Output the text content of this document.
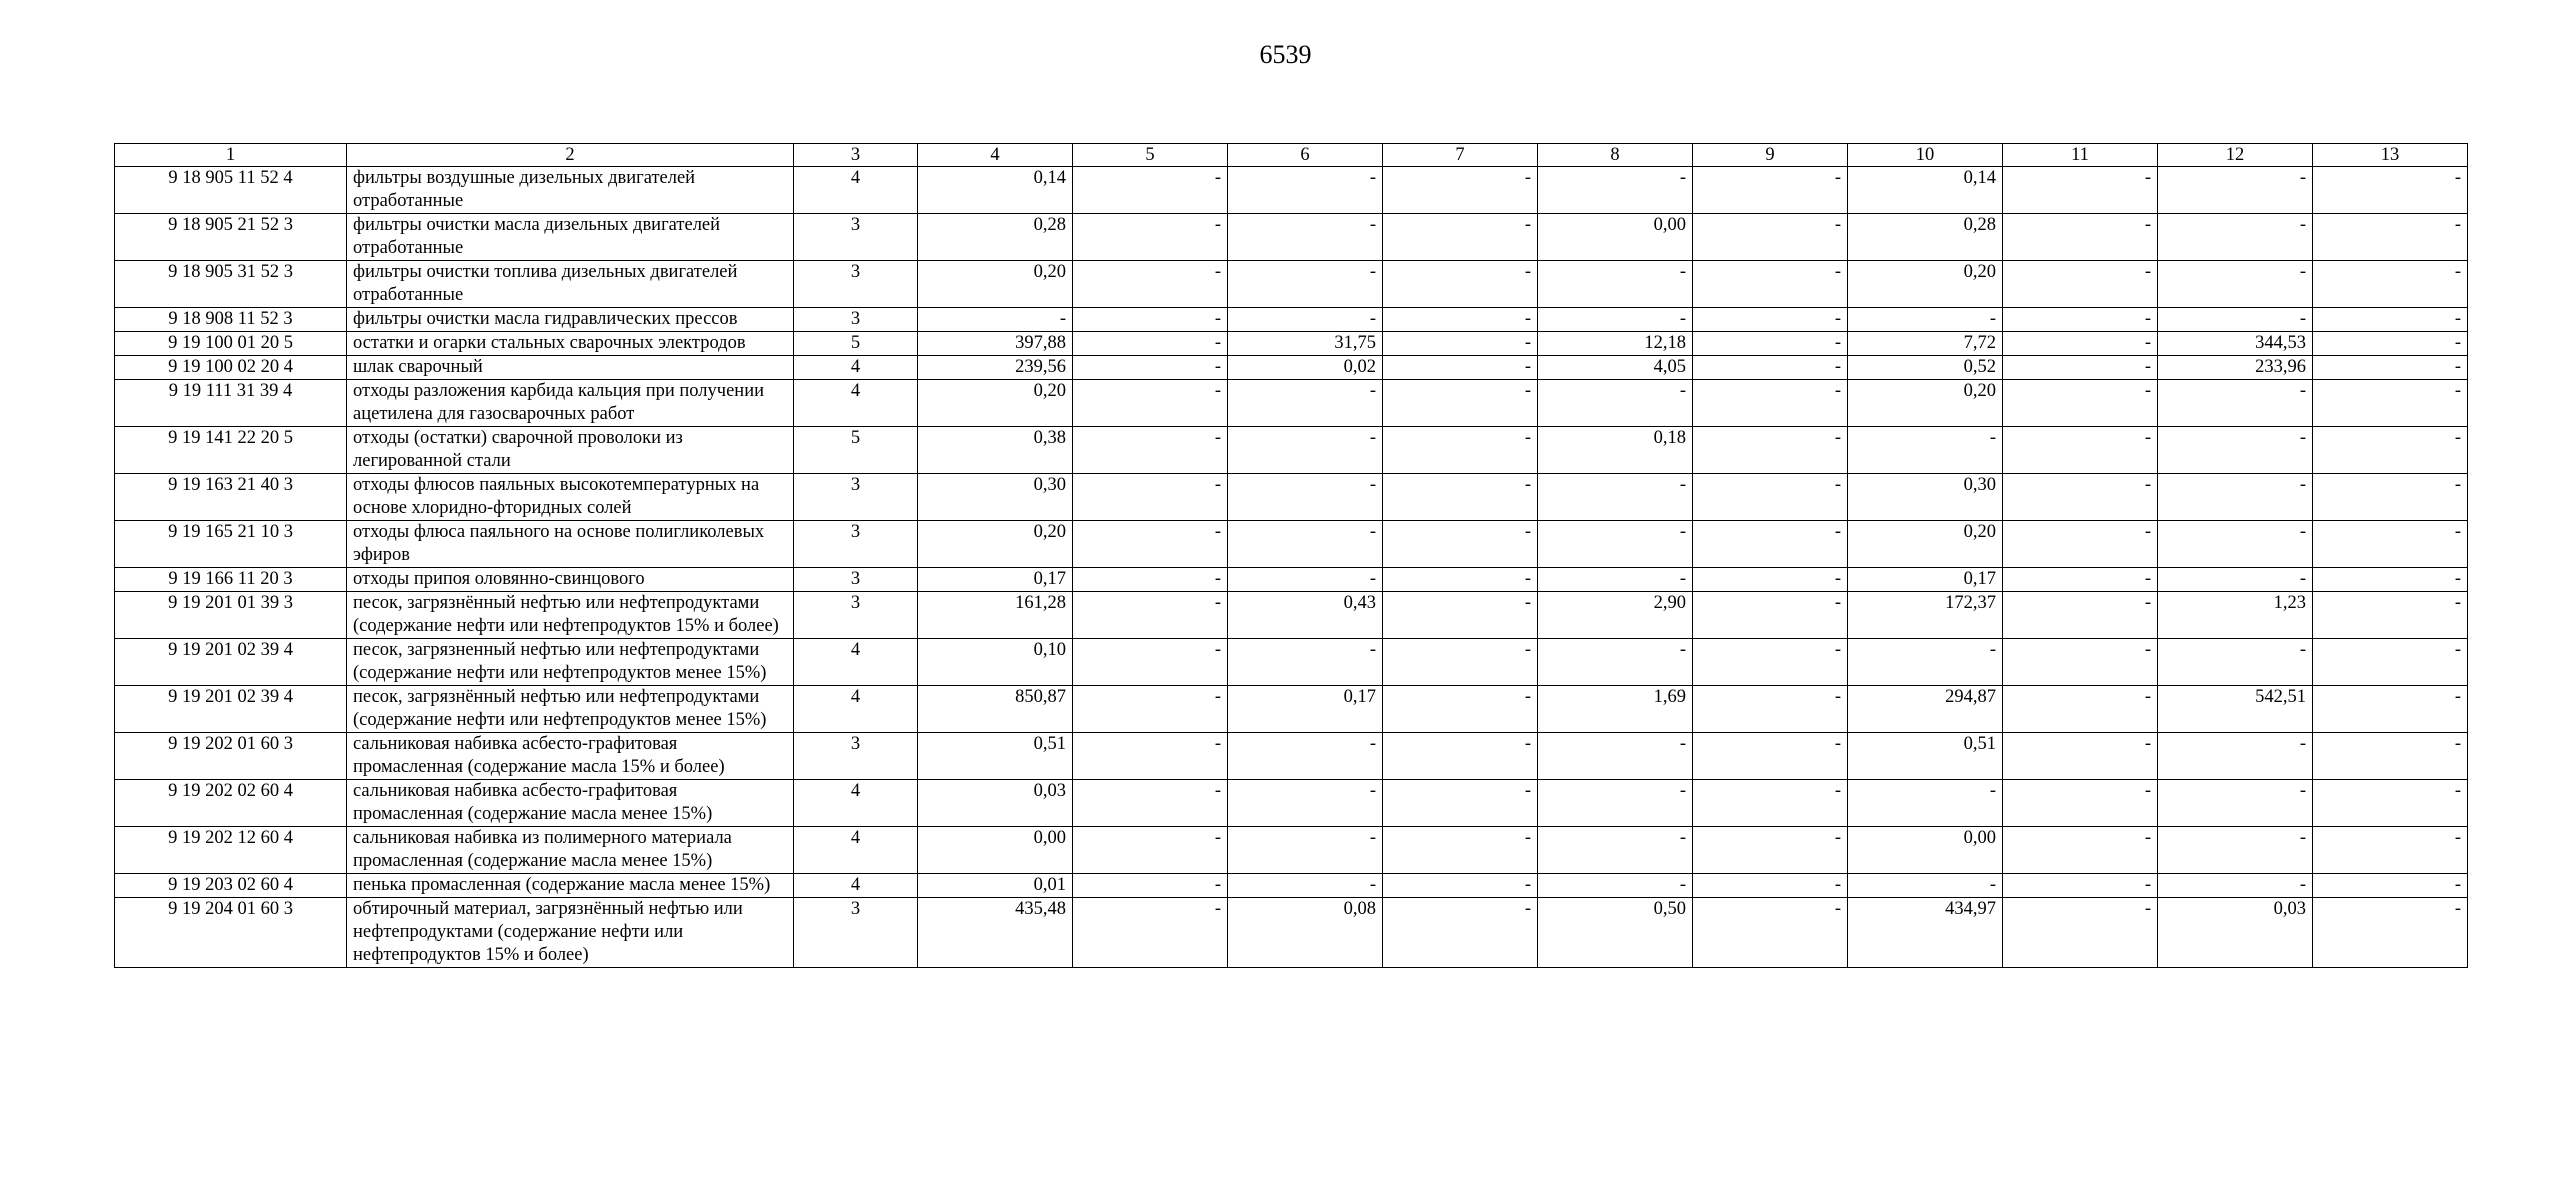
6539
1	2	3	4	5	6	7	8	9	10	11	12	13
9 18 905 11 52 4	фильтры воздушные дизельных двигателей отработанные	4	0,14	-	-	-	-	-	0,14	-	-	-
9 18 905 21 52 3	фильтры очистки масла дизельных двигателей отработанные	3	0,28	-	-	-	0,00	-	0,28	-	-	-
9 18 905 31 52 3	фильтры очистки топлива дизельных двигателей отработанные	3	0,20	-	-	-	-	-	0,20	-	-	-
9 18 908 11 52 3	фильтры очистки масла гидравлических прессов	3	-	-	-	-	-	-	-	-	-	-
9 19 100 01 20 5	остатки и огарки стальных сварочных электродов	5	397,88	-	31,75	-	12,18	-	7,72	-	344,53	-
9 19 100 02 20 4	шлак сварочный	4	239,56	-	0,02	-	4,05	-	0,52	-	233,96	-
9 19 111 31 39 4	отходы разложения карбида кальция при получении ацетилена для газосварочных работ	4	0,20	-	-	-	-	-	0,20	-	-	-
9 19 141 22 20 5	отходы (остатки) сварочной проволоки из легированной стали	5	0,38	-	-	-	0,18	-	-	-	-	-
9 19 163 21 40 3	отходы флюсов паяльных высокотемпературных на основе хлоридно-фторидных солей	3	0,30	-	-	-	-	-	0,30	-	-	-
9 19 165 21 10 3	отходы флюса паяльного на основе полигликолевых эфиров	3	0,20	-	-	-	-	-	0,20	-	-	-
9 19 166 11 20 3	отходы припоя оловянно-свинцового	3	0,17	-	-	-	-	-	0,17	-	-	-
9 19 201 01 39 3	песок, загрязнённый нефтью или нефтепродуктами (содержание нефти или нефтепродуктов 15% и более)	3	161,28	-	0,43	-	2,90	-	172,37	-	1,23	-
9 19 201 02 39 4	песок, загрязненный нефтью или нефтепродуктами (содержание нефти или нефтепродуктов менее 15%)	4	0,10	-	-	-	-	-	-	-	-	-
9 19 201 02 39 4	песок, загрязнённый нефтью или нефтепродуктами (содержание нефти или нефтепродуктов менее 15%)	4	850,87	-	0,17	-	1,69	-	294,87	-	542,51	-
9 19 202 01 60 3	сальниковая набивка асбесто-графитовая промасленная (содержание масла 15% и более)	3	0,51	-	-	-	-	-	0,51	-	-	-
9 19 202 02 60 4	сальниковая набивка асбесто-графитовая промасленная (содержание масла менее 15%)	4	0,03	-	-	-	-	-	-	-	-	-
9 19 202 12 60 4	сальниковая набивка из полимерного материала промасленная (содержание масла менее 15%)	4	0,00	-	-	-	-	-	0,00	-	-	-
9 19 203 02 60 4	пенька промасленная (содержание масла менее 15%)	4	0,01	-	-	-	-	-	-	-	-	-
9 19 204 01 60 3	обтирочный материал, загрязнённый нефтью или нефтепродуктами (содержание нефти или нефтепродуктов 15% и более)	3	435,48	-	0,08	-	0,50	-	434,97	-	0,03	-
